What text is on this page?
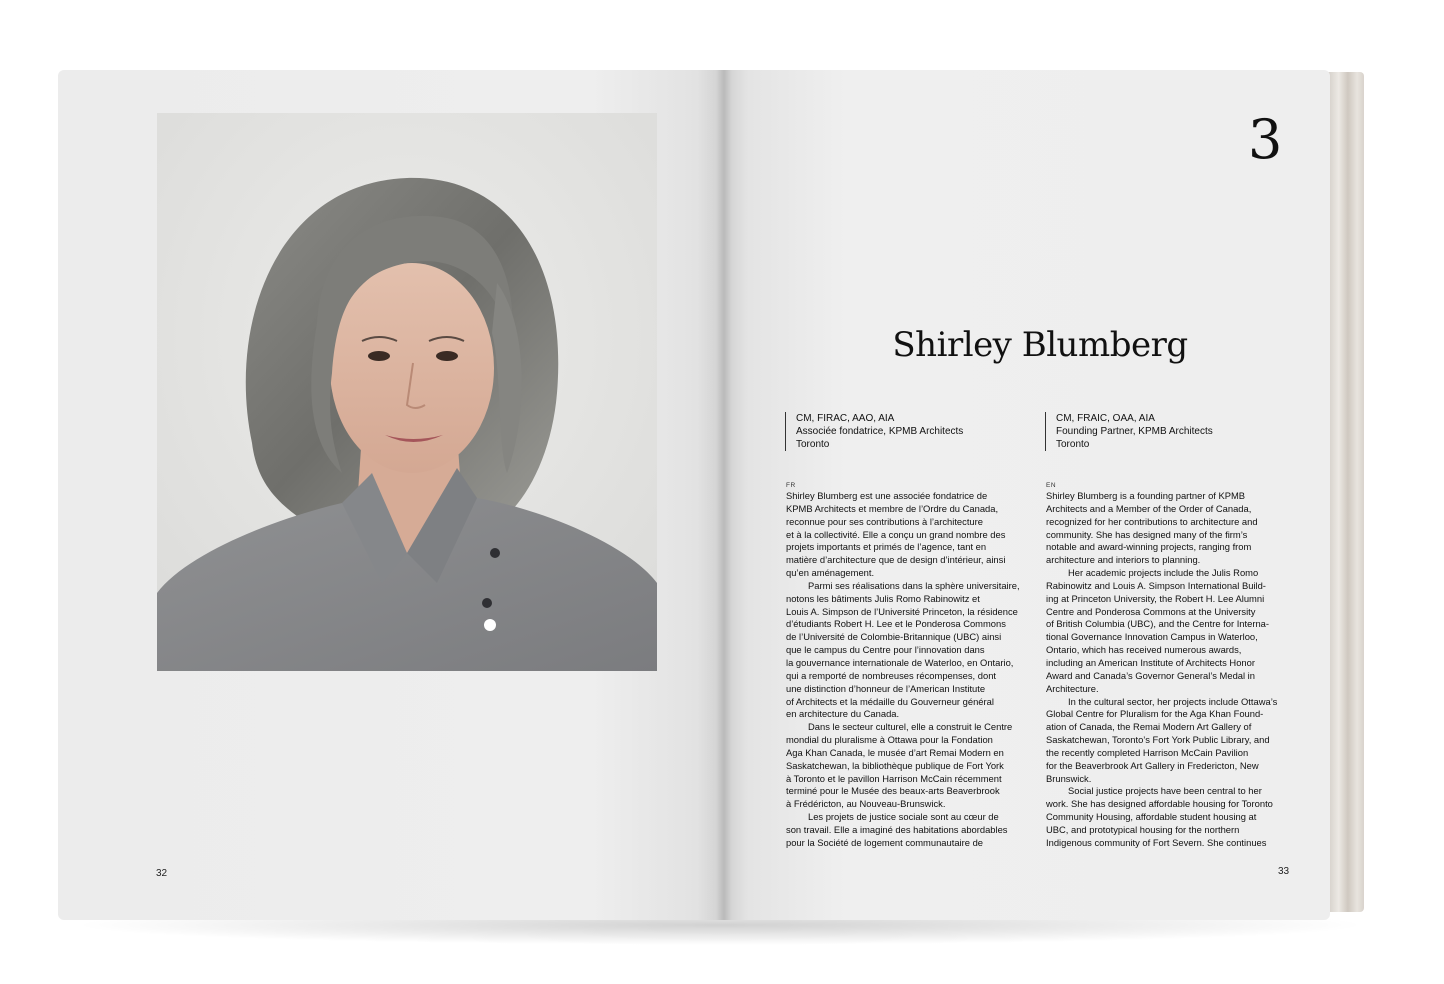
32	33
3
Shirley Blumberg
CM, FIRAC, AAO, AIA
Associée fondatrice, KPMB Architects
Toronto
CM, FRAIC, OAA, AIA
Founding Partner, KPMB Architects
Toronto
FR	EN
Shirley Blumberg est une associée fondatrice de
KPMB Architects et membre de l’Ordre du Canada,
reconnue pour ses contributions à l’architecture
et à la collectivité. Elle a conçu un grand nombre des
projets importants et primés de l’agence, tant en
matière d’architecture que de design d’intérieur, ainsi
qu’en aménagement.
Parmi ses réalisations dans la sphère universitaire,
notons les bâtiments Julis Romo Rabinowitz et
Louis A. Simpson de l’Université Princeton, la résidence
d’étudiants Robert H. Lee et le Ponderosa Commons
de l’Université de Colombie-Britannique (UBC) ainsi
que le campus du Centre pour l’innovation dans
la gouvernance internationale de Waterloo, en Ontario,
qui a remporté de nombreuses récompenses, dont
une distinction d’honneur de l’American Institute
of Architects et la médaille du Gouverneur général
en architecture du Canada.
Dans le secteur culturel, elle a construit le Centre
mondial du pluralisme à Ottawa pour la Fondation
Aga Khan Canada, le musée d’art Remai Modern en
Saskatchewan, la bibliothèque publique de Fort York
à Toronto et le pavillon Harrison McCain récemment
terminé pour le Musée des beaux-arts Beaverbrook
à Frédéricton, au Nouveau-Brunswick.
Les projets de justice sociale sont au cœur de
son travail. Elle a imaginé des habitations abordables
pour la Société de logement communautaire de
Shirley Blumberg is a founding partner of KPMB
Architects and a Member of the Order of Canada,
recognized for her contributions to architecture and
community. She has designed many of the firm’s
notable and award-winning projects, ranging from
architecture and interiors to planning.
Her academic projects include the Julis Romo
Rabinowitz and Louis A. Simpson International Build-
ing at Princeton University, the Robert H. Lee Alumni
Centre and Ponderosa Commons at the University
of British Columbia (UBC), and the Centre for Interna-
tional Governance Innovation Campus in Waterloo,
Ontario, which has received numerous awards,
including an American Institute of Architects Honor
Award and Canada’s Governor General’s Medal in
Architecture.
In the cultural sector, her projects include Ottawa’s
Global Centre for Pluralism for the Aga Khan Found-
ation of Canada, the Remai Modern Art Gallery of
Saskatchewan, Toronto’s Fort York Public Library, and
the recently completed Harrison McCain Pavilion
for the Beaverbrook Art Gallery in Fredericton, New
Brunswick.
Social justice projects have been central to her
work. She has designed affordable housing for Toronto
Community Housing, affordable student housing at
UBC, and prototypical housing for the northern
Indigenous community of Fort Severn. She continues
